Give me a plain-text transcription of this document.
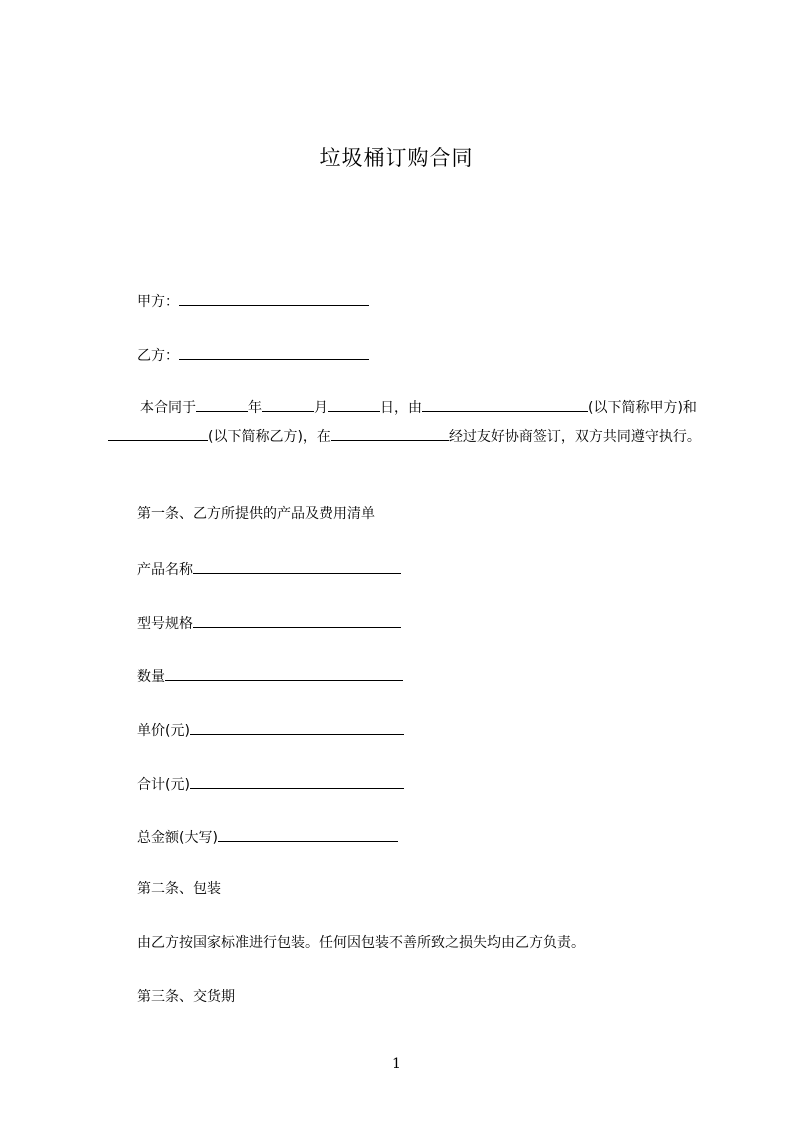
垃圾桶订购合同
甲方：
乙方：
本合同于	年	月	日，由	(以下简称甲方)和(以下简称乙方)，在	经过友好协商签订，双方共同遵守执行。
第一条、乙方所提供的产品及费用清单
产品名称
型号规格
数量
单价(元)
合计(元)
总金额(大写)
第二条、包装
由乙方按国家标准进行包装。任何因包装不善所致之损失均由乙方负责。
第三条、交货期
1
